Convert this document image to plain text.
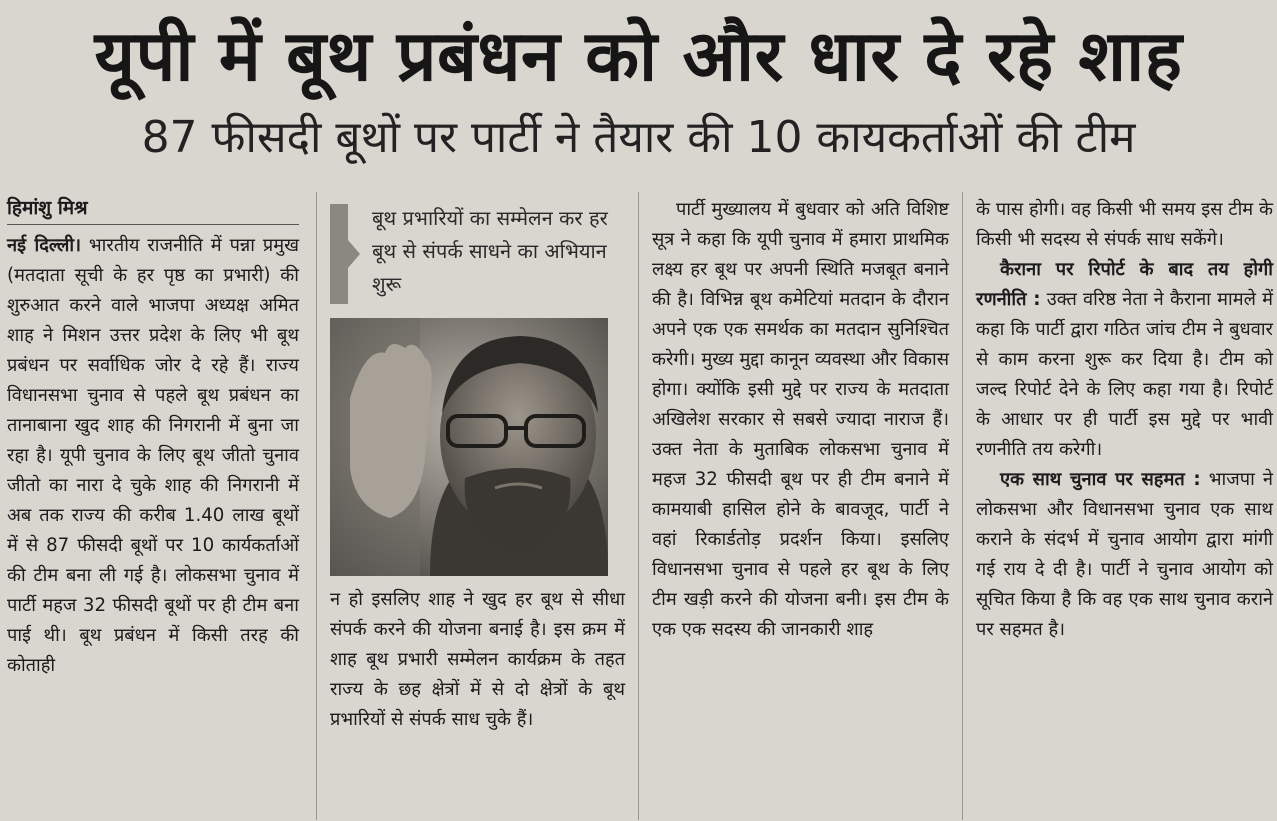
यूपी में बूथ प्रबंधन को और धार दे रहे शाह
87 फीसदी बूथों पर पार्टी ने तैयार की 10 कायकर्ताओं की टीम
हिमांशु मिश्र

नई दिल्ली। भारतीय राजनीति में पन्ना प्रमुख (मतदाता सूची के हर पृष्ठ का प्रभारी) की शुरुआत करने वाले भाजपा अध्यक्ष अमित शाह ने मिशन उत्तर प्रदेश के लिए भी बूथ प्रबंधन पर सर्वाधिक जोर दे रहे हैं। राज्य विधानसभा चुनाव से पहले बूथ प्रबंधन का तानाबाना खुद शाह की निगरानी में बुना जा रहा है। यूपी चुनाव के लिए बूथ जीतो चुनाव जीतो का नारा दे चुके शाह की निगरानी में अब तक राज्य की करीब 1.40 लाख बूथों में से 87 फीसदी बूथों पर 10 कार्यकर्ताओं की टीम बना ली गई है। लोकसभा चुनाव में पार्टी महज 32 फीसदी बूथों पर ही टीम बना पाई थी। बूथ प्रबंधन में किसी तरह की कोताही

बूथ प्रभारियों का सम्मेलन कर हर बूथ से संपर्क साधने का अभियान शुरू

न हो इसलिए शाह ने खुद हर बूथ से सीधा संपर्क करने की योजना बनाई है। इस क्रम में शाह बूथ प्रभारी सम्मेलन कार्यक्रम के तहत राज्य के छह क्षेत्रों में से दो क्षेत्रों के बूथ प्रभारियों से संपर्क साध चुके हैं।

पार्टी मुख्यालय में बुधवार को अति विशिष्ट सूत्र ने कहा कि यूपी चुनाव में हमारा प्राथमिक लक्ष्य हर बूथ पर अपनी स्थिति मजबूत बनाने की है। विभिन्न बूथ कमेटियां मतदान के दौरान अपने एक एक समर्थक का मतदान सुनिश्चित करेगी। मुख्य मुद्दा कानून व्यवस्था और विकास होगा। क्योंकि इसी मुद्दे पर राज्य के मतदाता अखिलेश सरकार से सबसे ज्यादा नाराज हैं। उक्त नेता के मुताबिक लोकसभा चुनाव में महज 32 फीसदी बूथ पर ही टीम बनाने में कामयाबी हासिल होने के बावजूद, पार्टी ने वहां रिकार्डतोड़ प्रदर्शन किया। इसलिए विधानसभा चुनाव से पहले हर बूथ के लिए टीम खड़ी करने की योजना बनी। इस टीम के एक एक सदस्य की जानकारी शाह

के पास होगी। वह किसी भी समय इस टीम के किसी भी सदस्य से संपर्क साध सकेंगे।

कैराना पर रिपोर्ट के बाद तय होगी रणनीति : उक्त वरिष्ठ नेता ने कैराना मामले में कहा कि पार्टी द्वारा गठित जांच टीम ने बुधवार से काम करना शुरू कर दिया है। टीम को जल्द रिपोर्ट देने के लिए कहा गया है। रिपोर्ट के आधार पर ही पार्टी इस मुद्दे पर भावी रणनीति तय करेगी।

एक साथ चुनाव पर सहमत : भाजपा ने लोकसभा और विधानसभा चुनाव एक साथ कराने के संदर्भ में चुनाव आयोग द्वारा मांगी गई राय दे दी है। पार्टी ने चुनाव आयोग को सूचित किया है कि वह एक साथ चुनाव कराने पर सहमत है।
